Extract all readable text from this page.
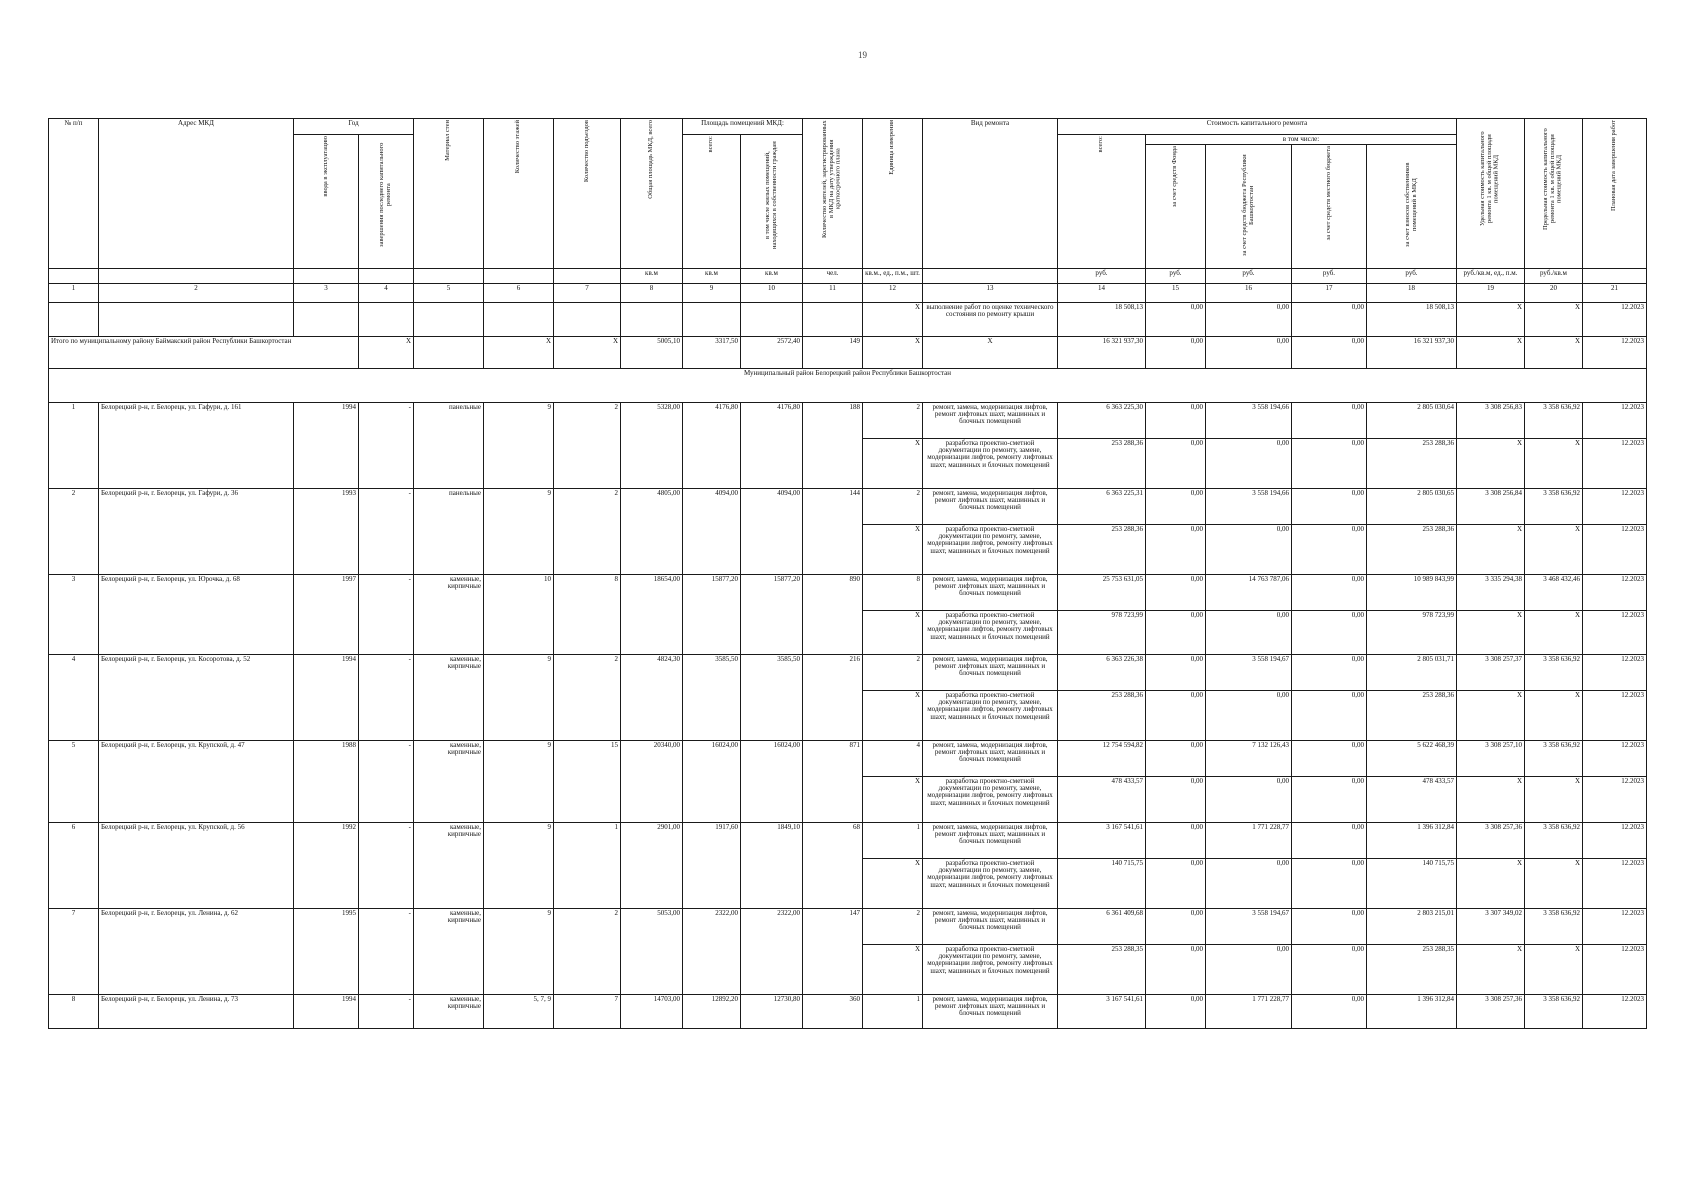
19
№ п/п	Адрес МКД	Год		Материал стен	Количество этажей	Количество подъездов	Общая площадь МКД, всего	Площадь помещений МКД:		Количество жителей, зарегистрированных в МКД на дату утверждения краткосрочного плана	Единица измерения	Вид ремонта	Стоимость капитального ремонта					Удельная стоимость капитального ремонта 1 кв. м общей площади помещений МКД	Предельная стоимость капитального ремонта 1 кв. м общей площади помещений МКД	Плановая дата завершения работ
		ввода в эксплуатацию	завершения последнего капитального ремонта					всего:	в том числе жилых помещений, находящихся в собственности граждан				всего:	в том числе:						
														за счет средств Фонда	за счет средств бюджета Республики Башкортостан	за счет средств местного бюджета	за счет взносов собственников помещений в МКД			
							кв.м	кв.м	кв.м	чел.	кв.м., ед., п.м., шт.		руб.	руб.	руб.	руб.	руб.	руб./кв.м, ед., п.м.	руб./кв.м	
1	2	3	4	5	6	7	8	9	10	11	12	13	14	15	16	17	18	19	20	21
											X	выполнение работ по оценке технического состояния по ремонту крыши	18 508,13	0,00	0,00	0,00	18 508,13	X	X	12.2023
Итого по муниципальному району Баймакский район Республики Башкортостан			X		X	X	5005,10	3317,50	2572,40	149	X	X	16 321 937,30	0,00	0,00	0,00	16 321 937,30	X	X	12.2023
Муниципальный район Белорецкий район Республики Башкортостан																				
1	Белорецкий р-н, г. Белорецк, ул. Гафури, д. 161	1994	-	панельные	9	2	5328,00	4176,80	4176,80	188	2	ремонт, замена, модернизация лифтов, ремонт лифтовых шахт, машинных и блочных помещений	6 363 225,30	0,00	3 558 194,66	0,00	2 805 030,64	3 308 256,83	3 358 636,92	12.2023
											X	разработка проектно-сметной документации по ремонту, замене, модернизации лифтов, ремонту лифтовых шахт, машинных и блочных помещений	253 288,36	0,00	0,00	0,00	253 288,36	X	X	12.2023
2	Белорецкий р-н, г. Белорецк, ул. Гафури, д. 36	1993	-	панельные	9	2	4805,00	4094,00	4094,00	144	2	ремонт, замена, модернизация лифтов, ремонт лифтовых шахт, машинных и блочных помещений	6 363 225,31	0,00	3 558 194,66	0,00	2 805 030,65	3 308 256,84	3 358 636,92	12.2023
											X	разработка проектно-сметной документации по ремонту, замене, модернизации лифтов, ремонту лифтовых шахт, машинных и блочных помещений	253 288,36	0,00	0,00	0,00	253 288,36	X	X	12.2023
3	Белорецкий р-н, г. Белорецк, ул. Юрочка, д. 68	1997	-	каменные, кирпичные	10	8	18654,00	15877,20	15877,20	890	8	ремонт, замена, модернизация лифтов, ремонт лифтовых шахт, машинных и блочных помещений	25 753 631,05	0,00	14 763 787,06	0,00	10 989 843,99	3 335 294,38	3 468 432,46	12.2023
											X	разработка проектно-сметной документации по ремонту, замене, модернизации лифтов, ремонту лифтовых шахт, машинных и блочных помещений	978 723,99	0,00	0,00	0,00	978 723,99	X	X	12.2023
4	Белорецкий р-н, г. Белорецк, ул. Косоротова, д. 52	1994	-	каменные, кирпичные	9	2	4824,30	3585,50	3585,50	216	2	ремонт, замена, модернизация лифтов, ремонт лифтовых шахт, машинных и блочных помещений	6 363 226,38	0,00	3 558 194,67	0,00	2 805 031,71	3 308 257,37	3 358 636,92	12.2023
											X	разработка проектно-сметной документации по ремонту, замене, модернизации лифтов, ремонту лифтовых шахт, машинных и блочных помещений	253 288,36	0,00	0,00	0,00	253 288,36	X	X	12.2023
5	Белорецкий р-н, г. Белорецк, ул. Крупской, д. 47	1988	-	каменные, кирпичные	9	15	20340,00	16024,00	16024,00	871	4	ремонт, замена, модернизация лифтов, ремонт лифтовых шахт, машинных и блочных помещений	12 754 594,82	0,00	7 132 126,43	0,00	5 622 468,39	3 308 257,10	3 358 636,92	12.2023
											X	разработка проектно-сметной документации по ремонту, замене, модернизации лифтов, ремонту лифтовых шахт, машинных и блочных помещений	478 433,57	0,00	0,00	0,00	478 433,57	X	X	12.2023
6	Белорецкий р-н, г. Белорецк, ул. Крупской, д. 56	1992	-	каменные, кирпичные	9	1	2901,00	1917,60	1849,10	68	1	ремонт, замена, модернизация лифтов, ремонт лифтовых шахт, машинных и блочных помещений	3 167 541,61	0,00	1 771 228,77	0,00	1 396 312,84	3 308 257,36	3 358 636,92	12.2023
											X	разработка проектно-сметной документации по ремонту, замене, модернизации лифтов, ремонту лифтовых шахт, машинных и блочных помещений	140 715,75	0,00	0,00	0,00	140 715,75	X	X	12.2023
7	Белорецкий р-н, г. Белорецк, ул. Ленина, д. 62	1995	-	каменные, кирпичные	9	2	5053,00	2322,00	2322,00	147	2	ремонт, замена, модернизация лифтов, ремонт лифтовых шахт, машинных и блочных помещений	6 361 409,68	0,00	3 558 194,67	0,00	2 803 215,01	3 307 349,02	3 358 636,92	12.2023
											X	разработка проектно-сметной документации по ремонту, замене, модернизации лифтов, ремонту лифтовых шахт, машинных и блочных помещений	253 288,35	0,00	0,00	0,00	253 288,35	X	X	12.2023
8	Белорецкий р-н, г. Белорецк, ул. Ленина, д. 73	1994	-	каменные, кирпичные	5, 7, 9	7	14703,00	12892,20	12730,80	360	1	ремонт, замена, модернизация лифтов, ремонт лифтовых шахт, машинных и блочных помещений	3 167 541,61	0,00	1 771 228,77	0,00	1 396 312,84	3 308 257,36	3 358 636,92	12.2023
